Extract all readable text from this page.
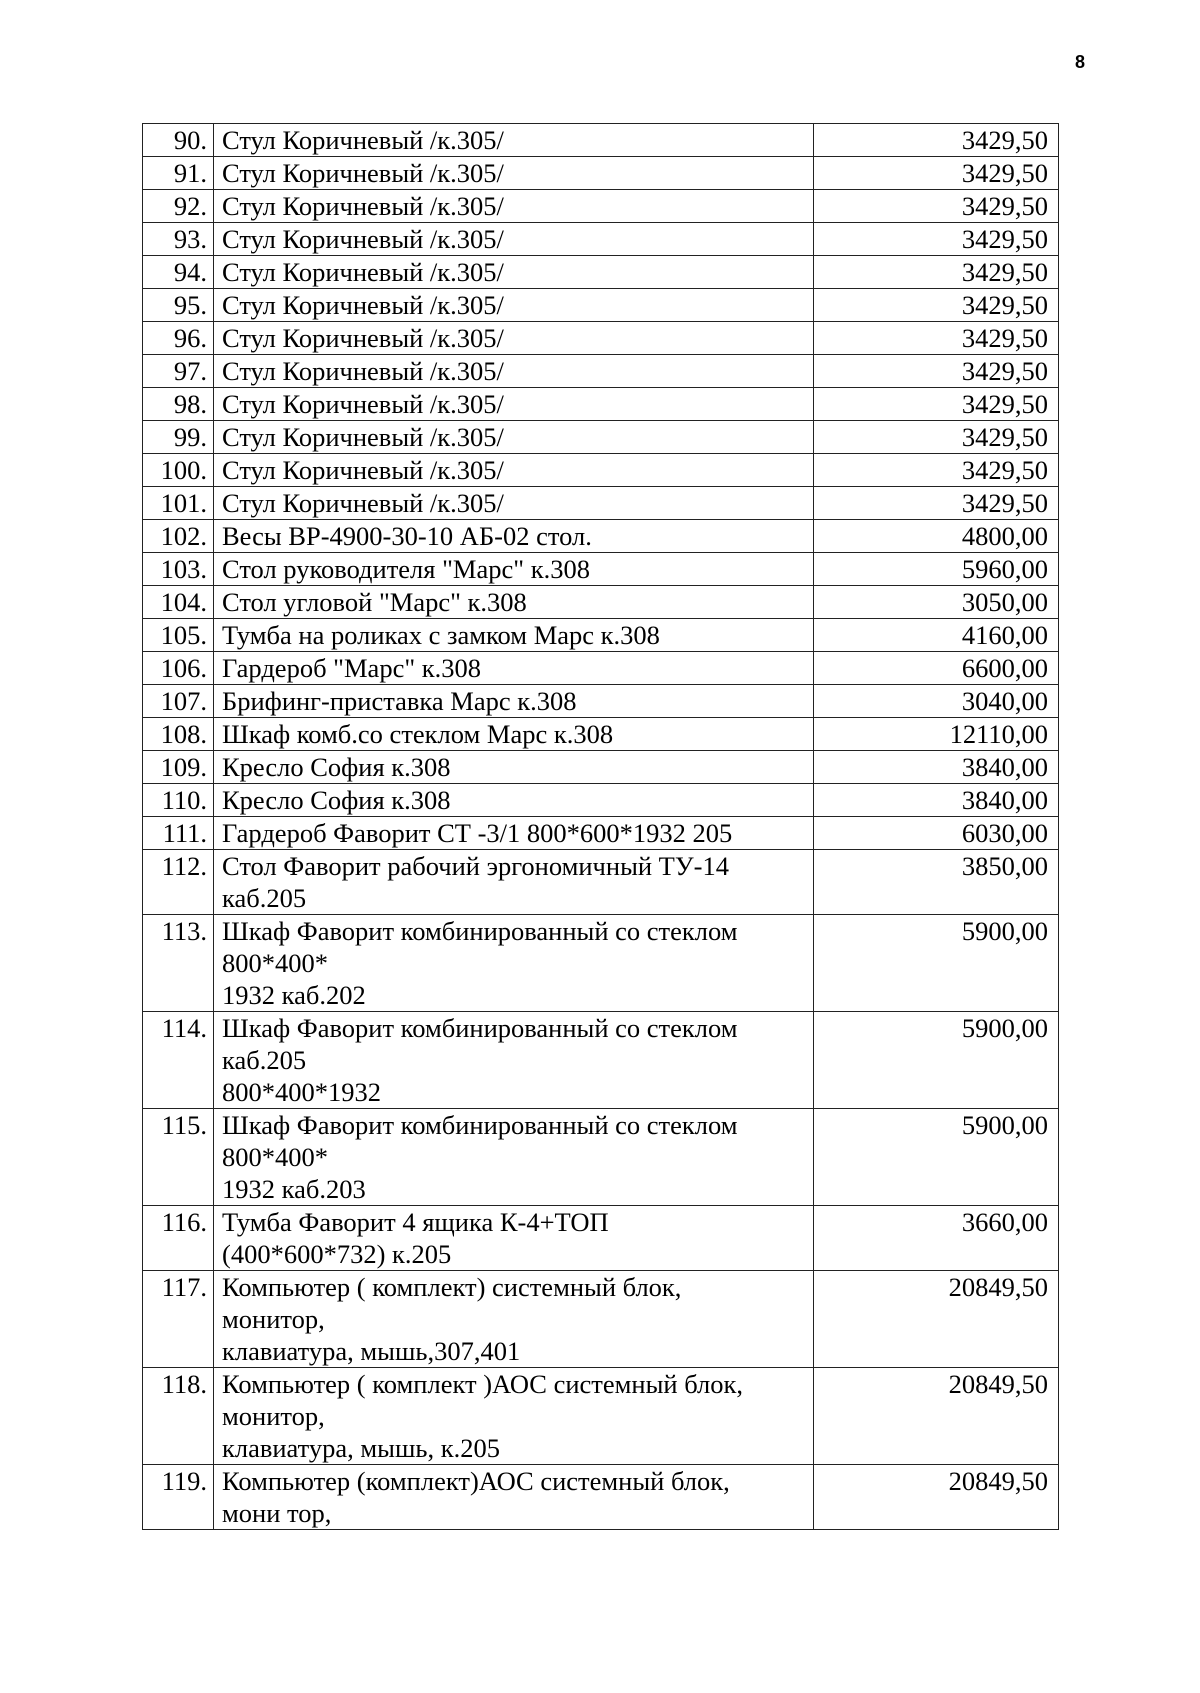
8
90.	Стул Коричневый /к.305/	3429,50
91.	Стул Коричневый /к.305/	3429,50
92.	Стул Коричневый /к.305/	3429,50
93.	Стул Коричневый /к.305/	3429,50
94.	Стул Коричневый /к.305/	3429,50
95.	Стул Коричневый /к.305/	3429,50
96.	Стул Коричневый /к.305/	3429,50
97.	Стул Коричневый /к.305/	3429,50
98.	Стул Коричневый /к.305/	3429,50
99.	Стул Коричневый /к.305/	3429,50
100.	Стул Коричневый /к.305/	3429,50
101.	Стул Коричневый /к.305/	3429,50
102.	Весы ВР-4900-30-10 АБ-02 стол.	4800,00
103.	Стол руководителя "Марс" к.308	5960,00
104.	Стол угловой "Марс" к.308	3050,00
105.	Тумба на роликах с замком Марс к.308	4160,00
106.	Гардероб "Марс" к.308	6600,00
107.	Брифинг-приставка Марс к.308	3040,00
108.	Шкаф комб.со стеклом Марс к.308	12110,00
109.	Кресло София к.308	3840,00
110.	Кресло София к.308	3840,00
111.	Гардероб Фаворит СТ -3/1 800*600*1932 205	6030,00
112.	Стол Фаворит рабочий эргономичный ТУ-14
каб.205	3850,00
113.	Шкаф Фаворит комбинированный со стеклом
800*400*
1932 каб.202	5900,00
114.	Шкаф Фаворит комбинированный со стеклом
каб.205
800*400*1932	5900,00
115.	Шкаф Фаворит комбинированный со стеклом
800*400*
1932 каб.203	5900,00
116.	Тумба Фаворит 4 ящика К-4+ТОП
(400*600*732) к.205	3660,00
117.	Компьютер ( комплект) системный блок,
монитор,
клавиатура, мышь,307,401	20849,50
118.	Компьютер ( комплект )АОС системный блок,
монитор,
клавиатура, мышь, к.205	20849,50
119.	Компьютер (комплект)АОС системный блок,
мони тор,	20849,50
